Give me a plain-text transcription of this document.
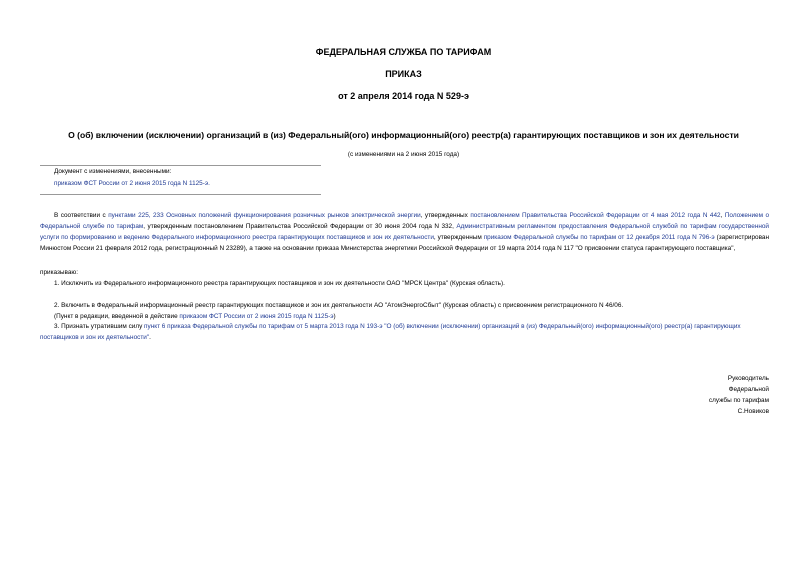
ФЕДЕРАЛЬНАЯ СЛУЖБА ПО ТАРИФАМ
ПРИКАЗ
от 2 апреля 2014 года N 529-э
О (об) включении (исключении) организаций в (из) Федеральный(ого) информационный(ого) реестр(а) гарантирующих поставщиков и зон их деятельности
(с изменениями на 2 июня 2015 года)
Документ с изменениями, внесенными:
приказом ФСТ России от 2 июня 2015 года N 1125-э.
В соответствии с пунктами 225, 233 Основных положений функционирования розничных рынков электрической энергии, утвержденных постановлением Правительства Российской Федерации от 4 мая 2012 года N 442, Положением о Федеральной службе по тарифам, утвержденным постановлением Правительства Российской Федерации от 30 июня 2004 года N 332, Административным регламентом предоставления Федеральной службой по тарифам государственной услуги по формированию и ведению Федерального информационного реестра гарантирующих поставщиков и зон их деятельности, утвержденным приказом Федеральной службы по тарифам от 12 декабря 2011 года N 796-э (зарегистрирован Минюстом России 21 февраля 2012 года, регистрационный N 23289), а также на основании приказа Министерства энергетики Российской Федерации от 19 марта 2014 года N 117 "О присвоении статуса гарантирующего поставщика",
приказываю:
1. Исключить из Федерального информационного реестра гарантирующих поставщиков и зон их деятельности ОАО "МРСК Центра" (Курская область).
2. Включить в Федеральный информационный реестр гарантирующих поставщиков и зон их деятельности АО "АтомЭнергоСбыт" (Курская область) с присвоением регистрационного N 46/06.
(Пункт в редакции, введенной в действие приказом ФСТ России от 2 июня 2015 года N 1125-э)
3. Признать утратившим силу пункт 6 приказа Федеральной службы по тарифам от 5 марта 2013 года N 193-э "О (об) включении (исключении) организаций в (из) Федеральный(ого) информационный(ого) реестр(а) гарантирующих поставщиков и зон их деятельности".
Руководитель
Федеральной
службы по тарифам
С.Новиков
